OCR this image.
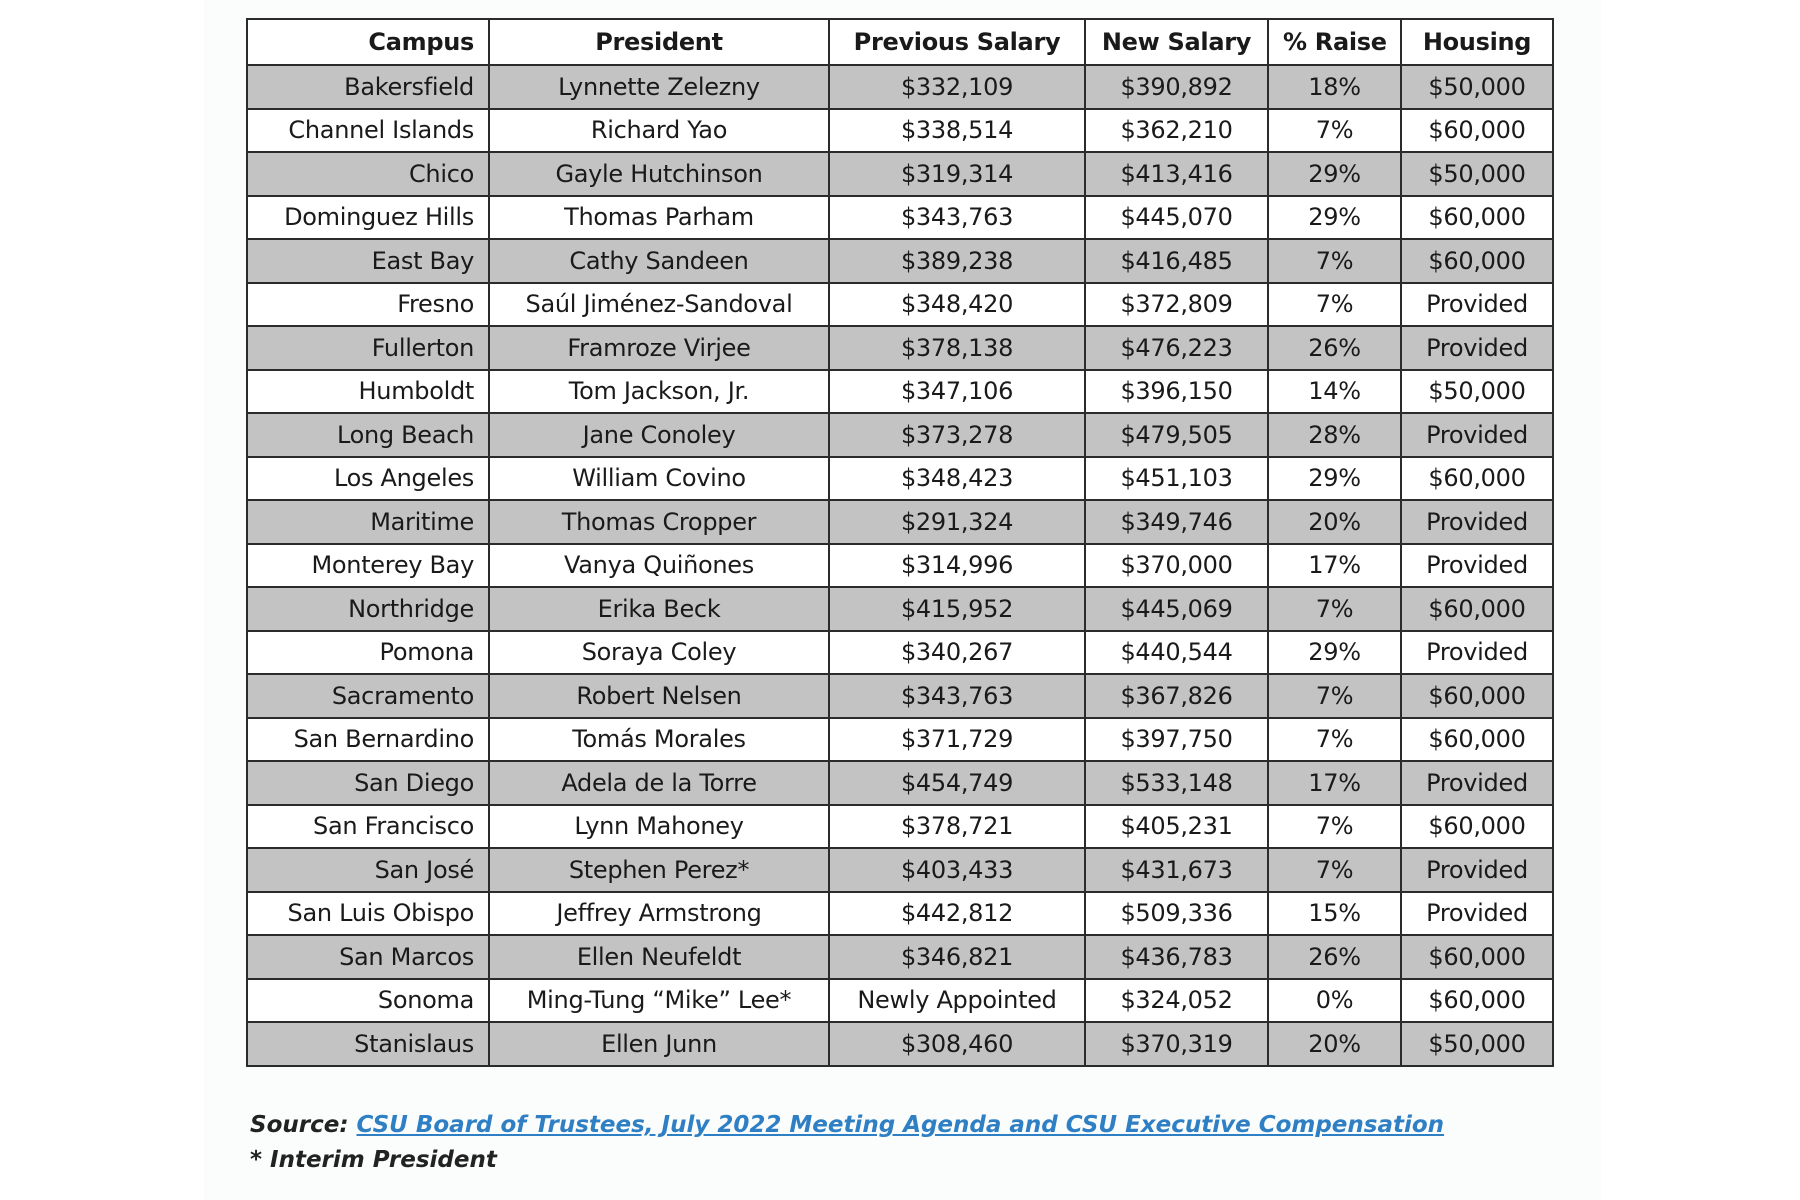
Campus	President	Previous Salary	New Salary	% Raise	Housing
Bakersfield	Lynnette Zelezny	$332,109	$390,892	18%	$50,000
Channel Islands	Richard Yao	$338,514	$362,210	7%	$60,000
Chico	Gayle Hutchinson	$319,314	$413,416	29%	$50,000
Dominguez Hills	Thomas Parham	$343,763	$445,070	29%	$60,000
East Bay	Cathy Sandeen	$389,238	$416,485	7%	$60,000
Fresno	Saúl Jiménez-Sandoval	$348,420	$372,809	7%	Provided
Fullerton	Framroze Virjee	$378,138	$476,223	26%	Provided
Humboldt	Tom Jackson, Jr.	$347,106	$396,150	14%	$50,000
Long Beach	Jane Conoley	$373,278	$479,505	28%	Provided
Los Angeles	William Covino	$348,423	$451,103	29%	$60,000
Maritime	Thomas Cropper	$291,324	$349,746	20%	Provided
Monterey Bay	Vanya Quiñones	$314,996	$370,000	17%	Provided
Northridge	Erika Beck	$415,952	$445,069	7%	$60,000
Pomona	Soraya Coley	$340,267	$440,544	29%	Provided
Sacramento	Robert Nelsen	$343,763	$367,826	7%	$60,000
San Bernardino	Tomás Morales	$371,729	$397,750	7%	$60,000
San Diego	Adela de la Torre	$454,749	$533,148	17%	Provided
San Francisco	Lynn Mahoney	$378,721	$405,231	7%	$60,000
San José	Stephen Perez*	$403,433	$431,673	7%	Provided
San Luis Obispo	Jeffrey Armstrong	$442,812	$509,336	15%	Provided
San Marcos	Ellen Neufeldt	$346,821	$436,783	26%	$60,000
Sonoma	Ming-Tung “Mike” Lee*	Newly Appointed	$324,052	0%	$60,000
Stanislaus	Ellen Junn	$308,460	$370,319	20%	$50,000
Source: CSU Board of Trustees, July 2022 Meeting Agenda and CSU Executive Compensation
* Interim President
